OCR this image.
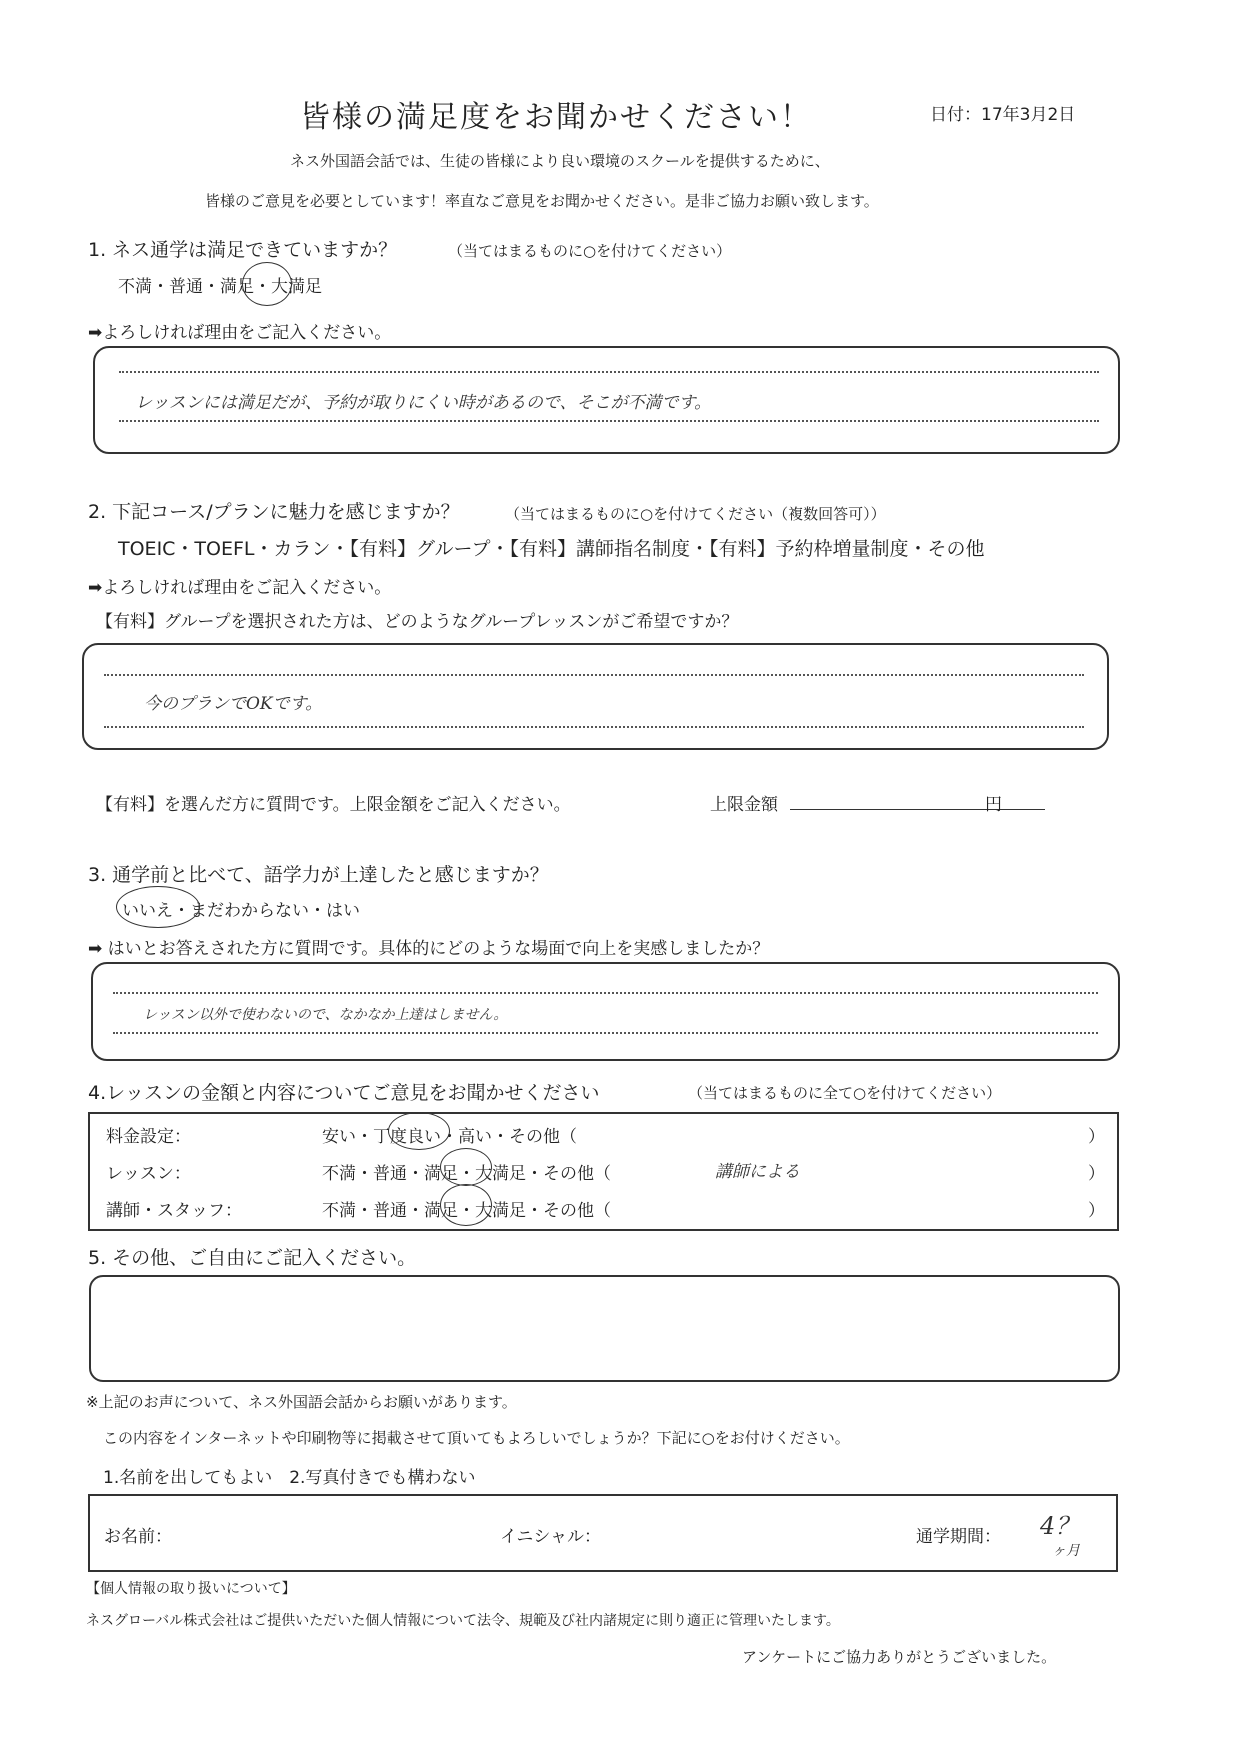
皆様の満足度をお聞かせください！	日付：17年3月2日
ネス外国語会話では、生徒の皆様により良い環境のスクールを提供するために、
皆様のご意見を必要としています！率直なご意見をお聞かせください。是非ご協力お願い致します。
1. ネス通学は満足できていますか？	（当てはまるものに○を付けてください）
不満・普通・満足・大満足
➡よろしければ理由をご記入ください。
レッスンには満足だが、予約が取りにくい時があるので、そこが不満です。
2. 下記コース/プランに魅力を感じますか？	（当てはまるものに○を付けてください（複数回答可））
TOEIC・TOEFL・カラン・【有料】グループ・【有料】講師指名制度・【有料】予約枠増量制度・その他
➡よろしければ理由をご記入ください。
【有料】グループを選択された方は、どのようなグループレッスンがご希望ですか？
今のプランでOKです。
【有料】を選んだ方に質問です。上限金額をご記入ください。	上限金額	円
3. 通学前と比べて、語学力が上達したと感じますか？
いいえ・まだわからない・はい
➡ はいとお答えされた方に質問です。具体的にどのような場面で向上を実感しましたか？
レッスン以外で使わないので、なかなか上達はしません。
4.レッスンの金額と内容についてご意見をお聞かせください	（当てはまるものに全て○を付けてください）
料金設定：	安い・丁度良い・高い・その他（	）
レッスン：	不満・普通・満足・大満足・その他（	講師による	）
講師・スタッフ：	不満・普通・満足・大満足・その他（	）
5. その他、ご自由にご記入ください。
※上記のお声について、ネス外国語会話からお願いがあります。
この内容をインターネットや印刷物等に掲載させて頂いてもよろしいでしょうか？下記に○をお付けください。
1.名前を出してもよい　2.写真付きでも構わない
お名前：	イニシャル：	通学期間： 4？
ヶ月
【個人情報の取り扱いについて】
ネスグローバル株式会社はご提供いただいた個人情報について法令、規範及び社内諸規定に則り適正に管理いたします。
アンケートにご協力ありがとうございました。
